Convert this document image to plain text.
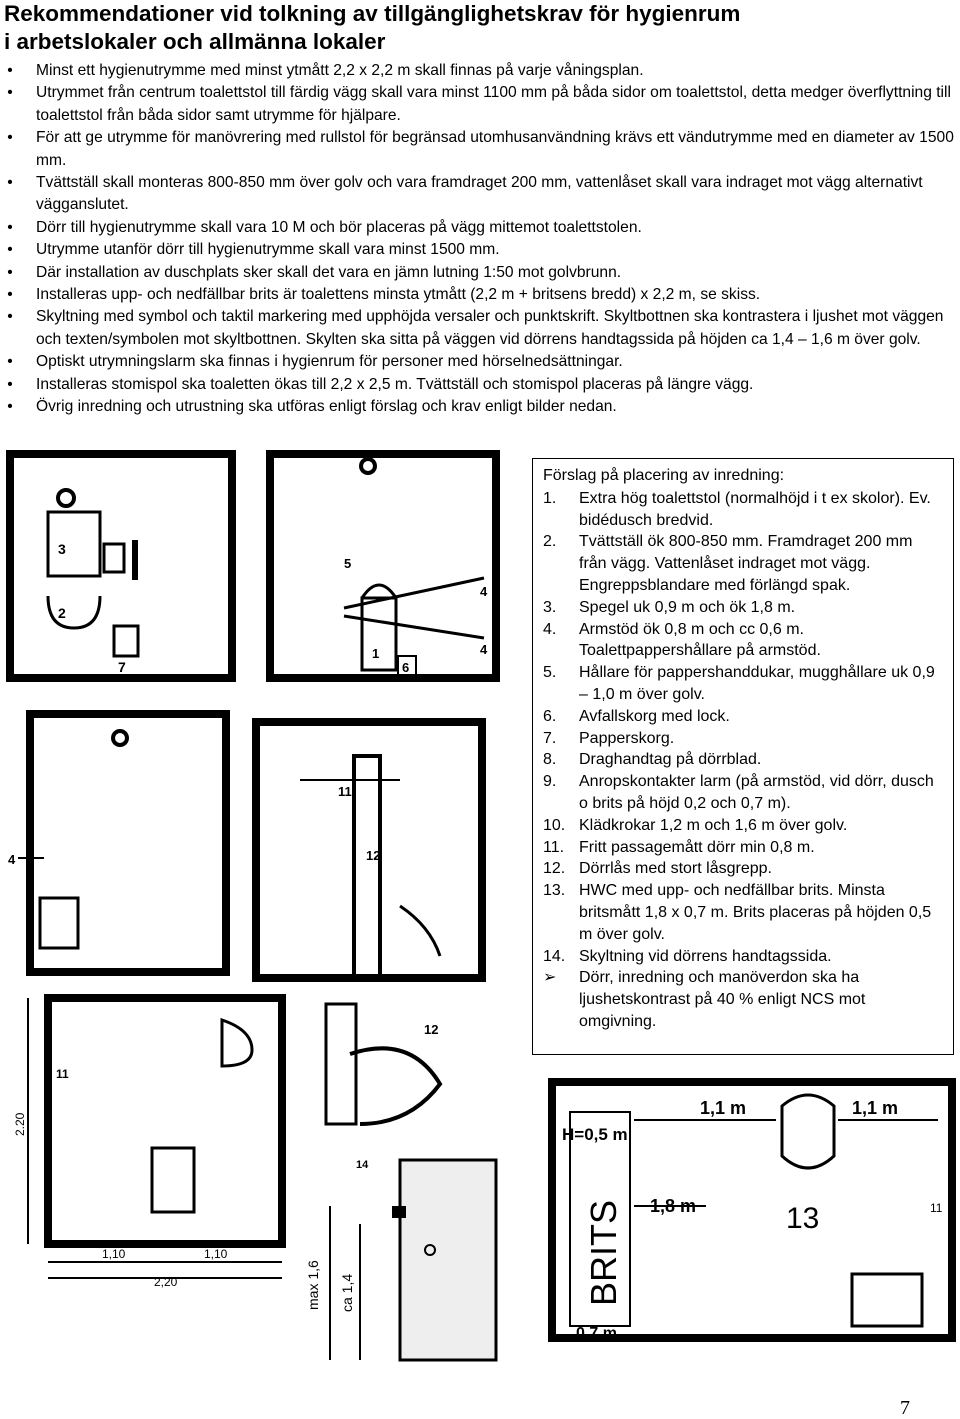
Rekommendationer vid tolkning av tillgänglighetskrav för hygienrum
i arbetslokaler och allmänna lokaler
• Minst ett hygienutrymme med minst ytmått 2,2 x 2,2 m skall finnas på varje våningsplan.
• Utrymmet från centrum toalettstol till färdig vägg skall vara minst 1100 mm på båda sidor om toalettstol, detta medger överflyttning till toalettstol från båda sidor samt utrymme för hjälpare.
• För att ge utrymme för manövrering med rullstol för begränsad utomhusanvändning krävs ett vändutrymme med en diameter av 1500 mm.
• Tvättställ skall monteras 800-850 mm över golv och vara framdraget 200 mm, vattenlåset skall vara indraget mot vägg alternativt vägganslutet.
• Dörr till hygienutrymme skall vara 10 M och bör placeras på vägg mittemot toalettstolen.
• Utrymme utanför dörr till hygienutrymme skall vara minst 1500 mm.
• Där installation av duschplats sker skall det vara en jämn lutning 1:50 mot golvbrunn.
• Installeras upp- och nedfällbar brits är toalettens minsta ytmått (2,2 m + britsens bredd) x 2,2 m, se skiss.
• Skyltning med symbol och taktil markering med upphöjda versaler och punktskrift. Skyltbottnen ska kontrastera i ljushet mot väggen och texten/symbolen mot skyltbottnen. Skylten ska sitta på väggen vid dörrens handtagssida på höjden ca 1,4 – 1,6 m över golv.
• Optiskt utrymningslarm ska finnas i hygienrum för personer med hörselnedsättningar.
• Installeras stomispol ska toaletten ökas till 2,2 x 2,5 m. Tvättställ och stomispol placeras på längre vägg.
• Övrig inredning och utrustning ska utföras enligt förslag och krav enligt bilder nedan.
3
2
7
4
4
5
1
6
4
11
12
11
2.20
1,10	1,10
2,20
12
14
max 1,6 ca 1,4
1,1 m	1,1 m
H=0,5 m
BRITS 1,8 m	13	11
0,7 m
Förslag på placering av inredning:
1. Extra hög toalettstol (normalhöjd i t ex skolor). Ev. bidédusch bredvid.
2. Tvättställ ök 800-850 mm. Framdraget 200 mm från vägg. Vattenlåset indraget mot vägg. Engreppsblandare med förlängd spak.
3. Spegel uk 0,9 m och ök 1,8 m.
4. Armstöd ök 0,8 m och cc 0,6 m. Toalettpappershållare på armstöd.
5. Hållare för pappershanddukar, mugghållare uk 0,9 – 1,0 m över golv.
6. Avfallskorg med lock.
7. Papperskorg.
8. Draghandtag på dörrblad.
9. Anropskontakter larm (på armstöd, vid dörr, dusch o brits på höjd 0,2 och 0,7 m).
10. Klädkrokar 1,2 m och 1,6 m över golv.
11. Fritt passagemått dörr min 0,8 m.
12. Dörrlås med stort låsgrepp.
13. HWC med upp- och nedfällbar brits. Minsta britsmått 1,8 x 0,7 m. Brits placeras på höjden 0,5 m över golv.
14. Skyltning vid dörrens handtagssida.
➢ Dörr, inredning och manöverdon ska ha ljushetskontrast på 40 % enligt NCS mot omgivning.
7
